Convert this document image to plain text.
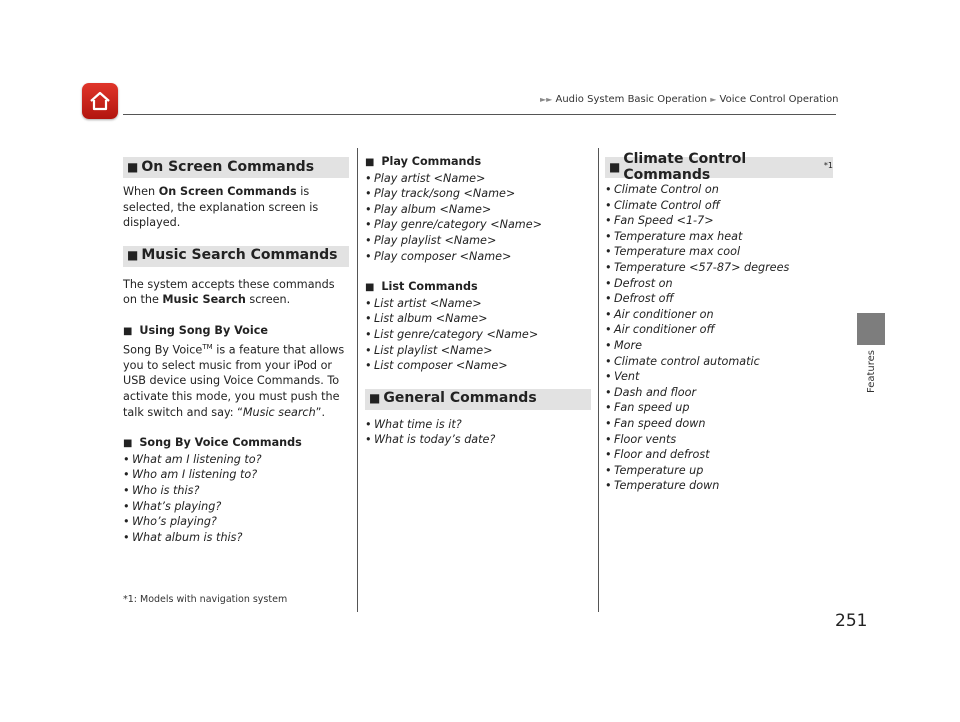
►► Audio System Basic Operation ► Voice Control Operation
Features
■ On Screen Commands

When On Screen Commands is selected, the explanation screen is displayed.

■ Music Search Commands

The system accepts these commands on the Music Search screen.

■ Using Song By Voice

Song By Voice™ is a feature that allows you to select music from your iPod or USB device using Voice Commands. To activate this mode, you must push the talk switch and say: “Music search”.

■ Song By Voice Commands
• What am I listening to?
• Who am I listening to?
• Who is this?
• What’s playing?
• Who’s playing?
• What album is this?
*1: Models with navigation system
■ Play Commands
• Play artist <Name>
• Play track/song <Name>
• Play album <Name>
• Play genre/category <Name>
• Play playlist <Name>
• Play composer <Name>
■ List Commands
• List artist <Name>
• List album <Name>
• List genre/category <Name>
• List playlist <Name>
• List composer <Name>
■ General Commands
• What time is it?
• What is today’s date?
■ Climate Control Commands
$^{*1}$
• Climate Control on
• Climate Control off
• Fan Speed <1-7>
• Temperature max heat
• Temperature max cool
• Temperature <57-87> degrees
• Defrost on
• Defrost off
• Air conditioner on
• Air conditioner off
• More
• Climate control automatic
• Vent
• Dash and floor
• Fan speed up
• Fan speed down
• Floor vents
• Floor and defrost
• Temperature up
• Temperature down
251
